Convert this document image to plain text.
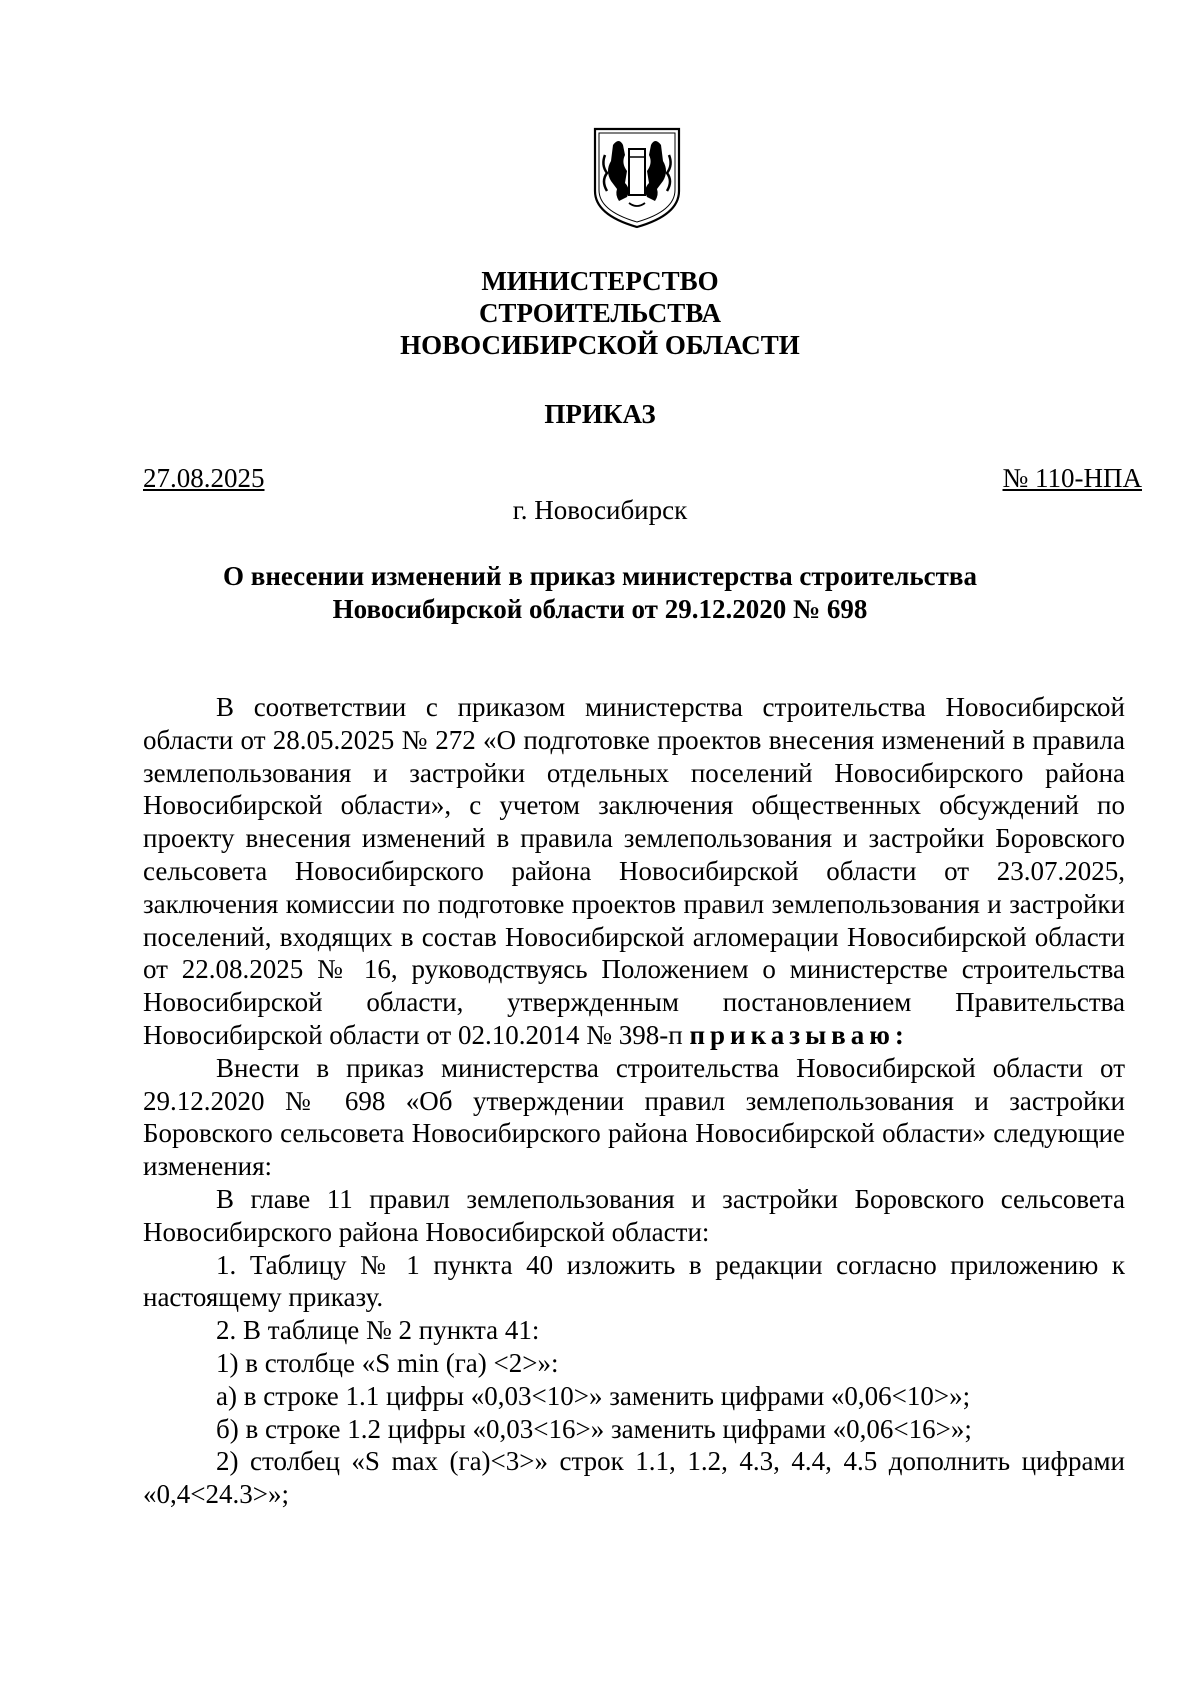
МИНИСТЕРСТВО
СТРОИТЕЛЬСТВА
НОВОСИБИРСКОЙ ОБЛАСТИ
ПРИКАЗ
27.08.2025	№ 110-НПА
г. Новосибирск
О внесении изменений в приказ министерства строительства
Новосибирской области от 29.12.2020 № 698

В соответствии с приказом министерства строительства Новосибирской области от 28.05.2025 № 272 «О подготовке проектов внесения изменений в правила землепользования и застройки отдельных поселений Новосибирского района Новосибирской области», с учетом заключения общественных обсуждений по проекту внесения изменений в правила землепользования и застройки Боровского сельсовета Новосибирского района Новосибирской области от 23.07.2025, заключения комиссии по подготовке проектов правил землепользования и застройки поселений, входящих в состав Новосибирской агломерации Новосибирской области от 22.08.2025 № 16, руководствуясь Положением о министерстве строительства Новосибирской области, утвержденным постановлением Правительства Новосибирской области от 02.10.2014 № 398-п приказываю:

Внести в приказ министерства строительства Новосибирской области от 29.12.2020 № 698 «Об утверждении правил землепользования и застройки Боровского сельсовета Новосибирского района Новосибирской области» следующие изменения:

В главе 11 правил землепользования и застройки Боровского сельсовета Новосибирского района Новосибирской области:

1. Таблицу № 1 пункта 40 изложить в редакции согласно приложению к настоящему приказу.

2. В таблице № 2 пункта 41:

1) в столбце «S min (га) <2>»:

а) в строке 1.1 цифры «0,03<10>» заменить цифрами «0,06<10>»;

б) в строке 1.2 цифры «0,03<16>» заменить цифрами «0,06<16>»;

2) столбец «S max (га)<3>» строк 1.1, 1.2, 4.3, 4.4, 4.5 дополнить цифрами «0,4<24.3>»;
